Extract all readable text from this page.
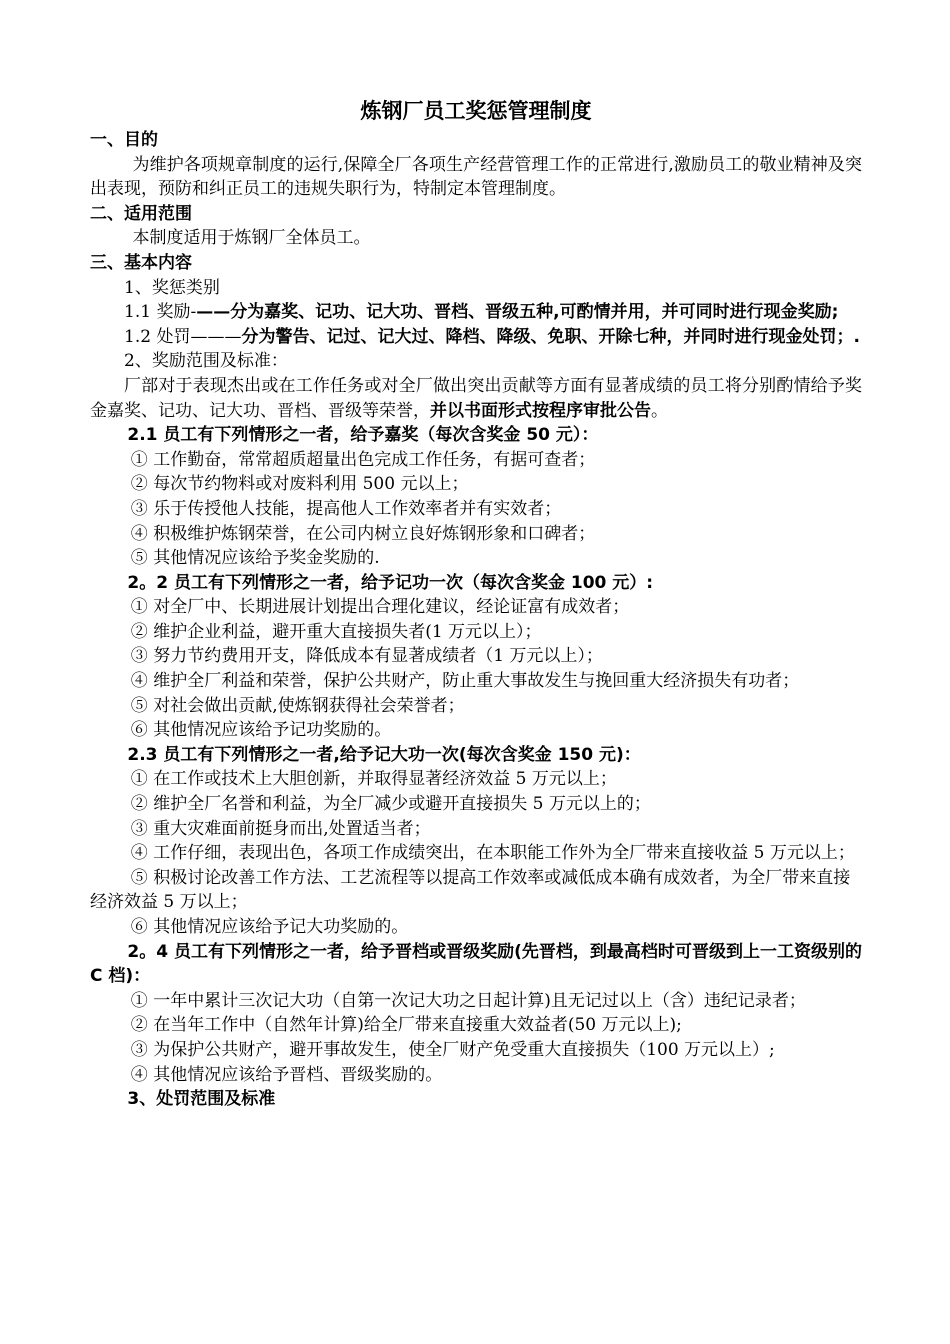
炼钢厂员工奖惩管理制度

一、目的

为维护各项规章制度的运行,保障全厂各项生产经营管理工作的正常进行,激励员工的敬业精神及突出表现，预防和纠正员工的违规失职行为，特制定本管理制度。

二、适用范围

本制度适用于炼钢厂全体员工。

三、基本内容

1、奖惩类别

1.1 奖励-——分为嘉奖、记功、记大功、晋档、晋级五种,可酌情并用，并可同时进行现金奖励;

1.2 处罚———分为警告、记过、记大过、降档、降级、免职、开除七种，并同时进行现金处罚；.

2、奖励范围及标准：

厂部对于表现杰出或在工作任务或对全厂做出突出贡献等方面有显著成绩的员工将分别酌情给予奖金嘉奖、记功、记大功、晋档、晋级等荣誉，并以书面形式按程序审批公告。

2.1 员工有下列情形之一者，给予嘉奖（每次含奖金 50 元）：

① 工作勤奋，常常超质超量出色完成工作任务，有据可查者；

② 每次节约物料或对废料利用 500 元以上；

③ 乐于传授他人技能，提高他人工作效率者并有实效者；

④ 积极维护炼钢荣誉，在公司内树立良好炼钢形象和口碑者；

⑤ 其他情况应该给予奖金奖励的.

2。2 员工有下列情形之一者，给予记功一次（每次含奖金 100 元）:

① 对全厂中、长期进展计划提出合理化建议，经论证富有成效者；

② 维护企业利益，避开重大直接损失者(1 万元以上）；

③ 努力节约费用开支，降低成本有显著成绩者（1 万元以上）；

④ 维护全厂利益和荣誉，保护公共财产，防止重大事故发生与挽回重大经济损失有功者；

⑤ 对社会做出贡献,使炼钢获得社会荣誉者；

⑥ 其他情况应该给予记功奖励的。

2.3 员工有下列情形之一者,给予记大功一次(每次含奖金 150 元)：

① 在工作或技术上大胆创新，并取得显著经济效益 5 万元以上；

② 维护全厂名誉和利益，为全厂减少或避开直接损失 5 万元以上的；

③ 重大灾难面前挺身而出,处置适当者；

④ 工作仔细，表现出色，各项工作成绩突出，在本职能工作外为全厂带来直接收益 5 万元以上；

⑤ 积极讨论改善工作方法、工艺流程等以提高工作效率或减低成本确有成效者，为全厂带来直接经济效益 5 万以上；

⑥ 其他情况应该给予记大功奖励的。

2。4 员工有下列情形之一者，给予晋档或晋级奖励(先晋档，到最高档时可晋级到上一工资级别的 C 档)：

① 一年中累计三次记大功（自第一次记大功之日起计算)且无记过以上（含）违纪记录者；

② 在当年工作中（自然年计算)给全厂带来直接重大效益者(50 万元以上);

③ 为保护公共财产，避开事故发生，使全厂财产免受重大直接损失（100 万元以上）;

④ 其他情况应该给予晋档、晋级奖励的。

3、处罚范围及标准
